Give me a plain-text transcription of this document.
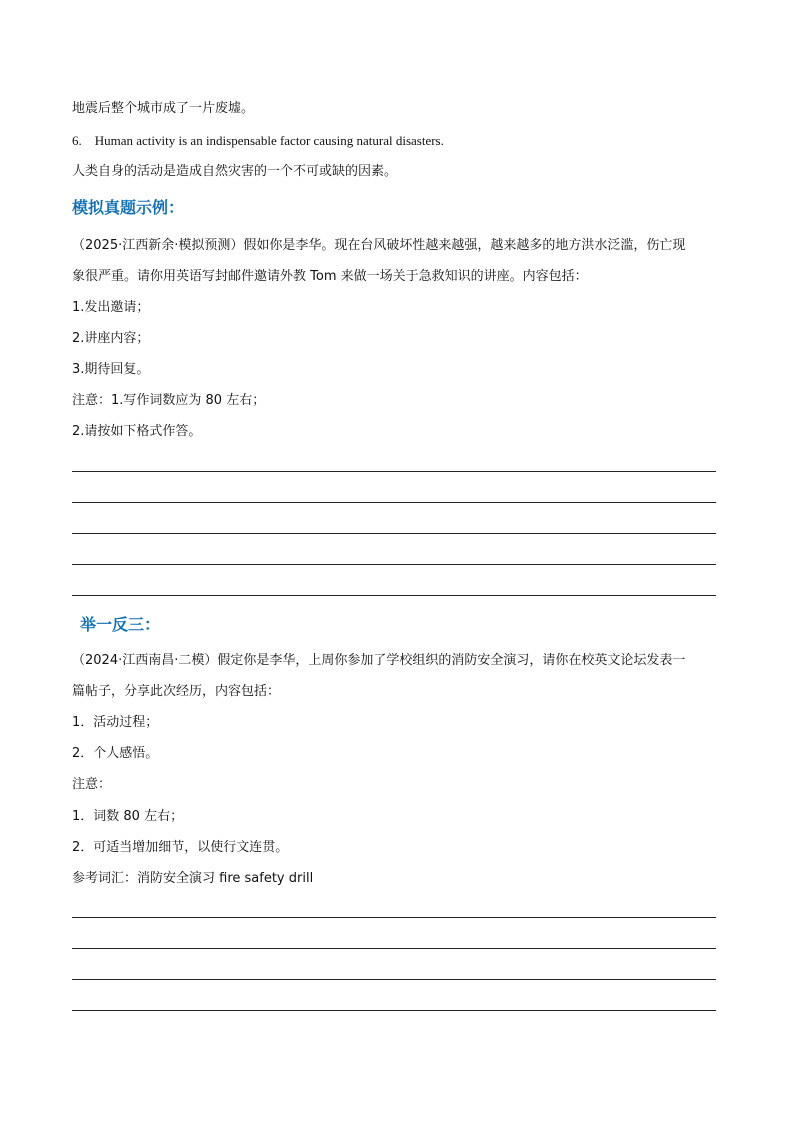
地震后整个城市成了一片废墟。
6. Human activity is an indispensable factor causing natural disasters.
人类自身的活动是造成自然灾害的一个不可或缺的因素。
模拟真题示例：
（2025·江西新余·模拟预测）假如你是李华。现在台风破坏性越来越强，越来越多的地方洪水泛滥，伤亡现
象很严重。请你用英语写封邮件邀请外教 Tom 来做一场关于急救知识的讲座。内容包括：
1.发出邀请；
2.讲座内容；
3.期待回复。
注意：1.写作词数应为 80 左右；
2.请按如下格式作答。
举一反三：
（2024·江西南昌·二模）假定你是李华，上周你参加了学校组织的消防安全演习，请你在校英文论坛发表一
篇帖子，分享此次经历，内容包括：
1．活动过程；
2．个人感悟。
注意：
1．词数 80 左右；
2．可适当增加细节，以使行文连贯。
参考词汇：消防安全演习 fire safety drill
